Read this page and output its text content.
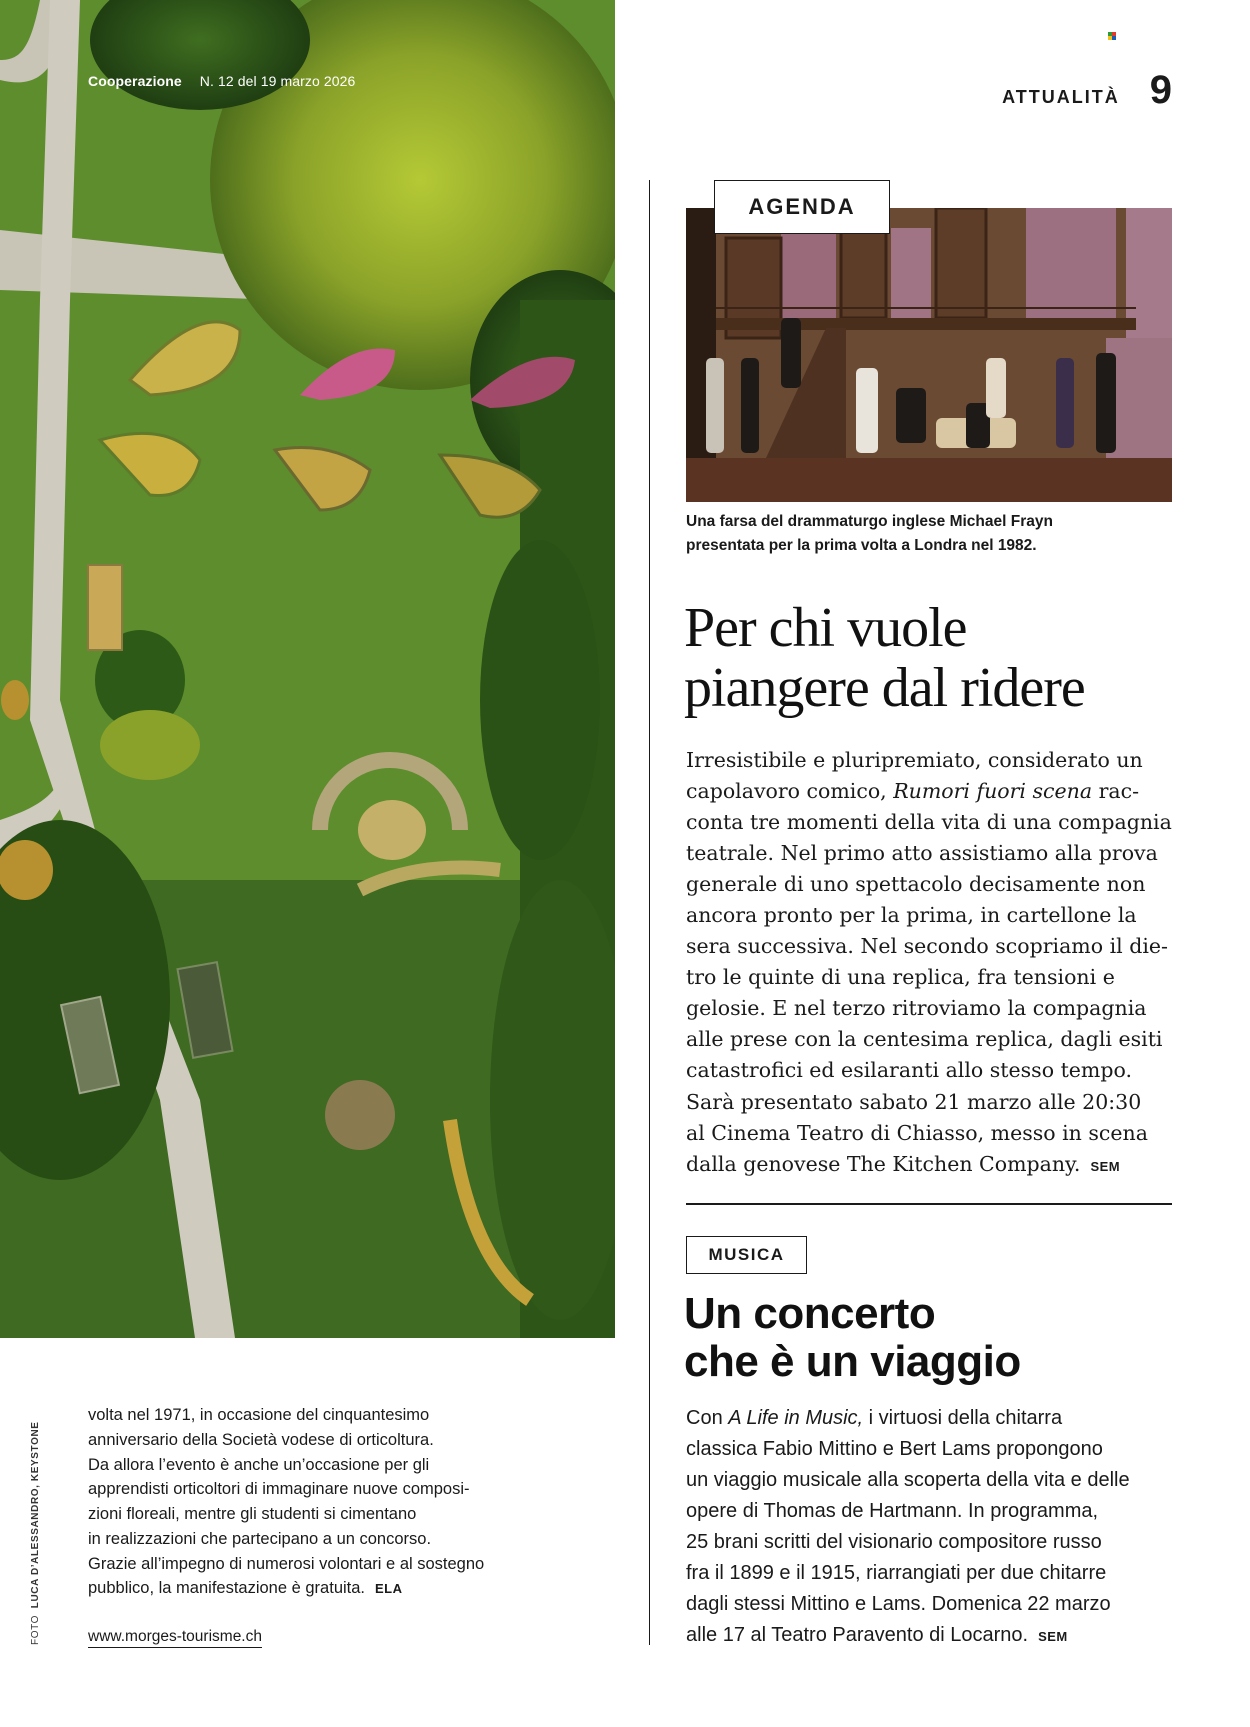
Cooperazione N. 12 del 19 marzo 2026
ATTUALITÀ 9
AGENDA
Una farsa del drammaturgo inglese Michael Frayn
presentata per la prima volta a Londra nel 1982.
Per chi vuole
piangere dal ridere
Irresistibile e pluripremiato, considerato un
capolavoro comico, Rumori fuori scena rac-
conta tre momenti della vita di una compagnia
teatrale. Nel primo atto assistiamo alla prova
generale di uno spettacolo decisamente non
ancora pronto per la prima, in cartellone la
sera successiva. Nel secondo scopriamo il die-
tro le quinte di una replica, fra tensioni e
gelosie. E nel terzo ritroviamo la compagnia
alle prese con la centesima replica, dagli esiti
catastrofici ed esilaranti allo stesso tempo.
Sarà presentato sabato 21 marzo alle 20:30
al Cinema Teatro di Chiasso, messo in scena
dalla genovese The Kitchen Company. SEM
MUSICA
Un concerto
che è un viaggio
Con A Life in Music, i virtuosi della chitarra
classica Fabio Mittino e Bert Lams propongono
un viaggio musicale alla scoperta della vita e delle
opere di Thomas de Hartmann. In programma,
25 brani scritti del visionario compositore russo
fra il 1899 e il 1915, riarrangiati per due chitarre
dagli stessi Mittino e Lams. Domenica 22 marzo
alle 17 al Teatro Paravento di Locarno. SEM
volta nel 1971, in occasione del cinquantesimo
anniversario della Società vodese di orticoltura.
Da allora l’evento è anche un’occasione per gli
apprendisti orticoltori di immaginare nuove composi-
zioni floreali, mentre gli studenti si cimentano
in realizzazioni che partecipano a un concorso.
Grazie all’impegno di numerosi volontari e al sostegno
pubblico, la manifestazione è gratuita. ELA
www.morges-tourisme.ch
FOTO  LUCA D’ALESSANDRO, KEYSTONE
